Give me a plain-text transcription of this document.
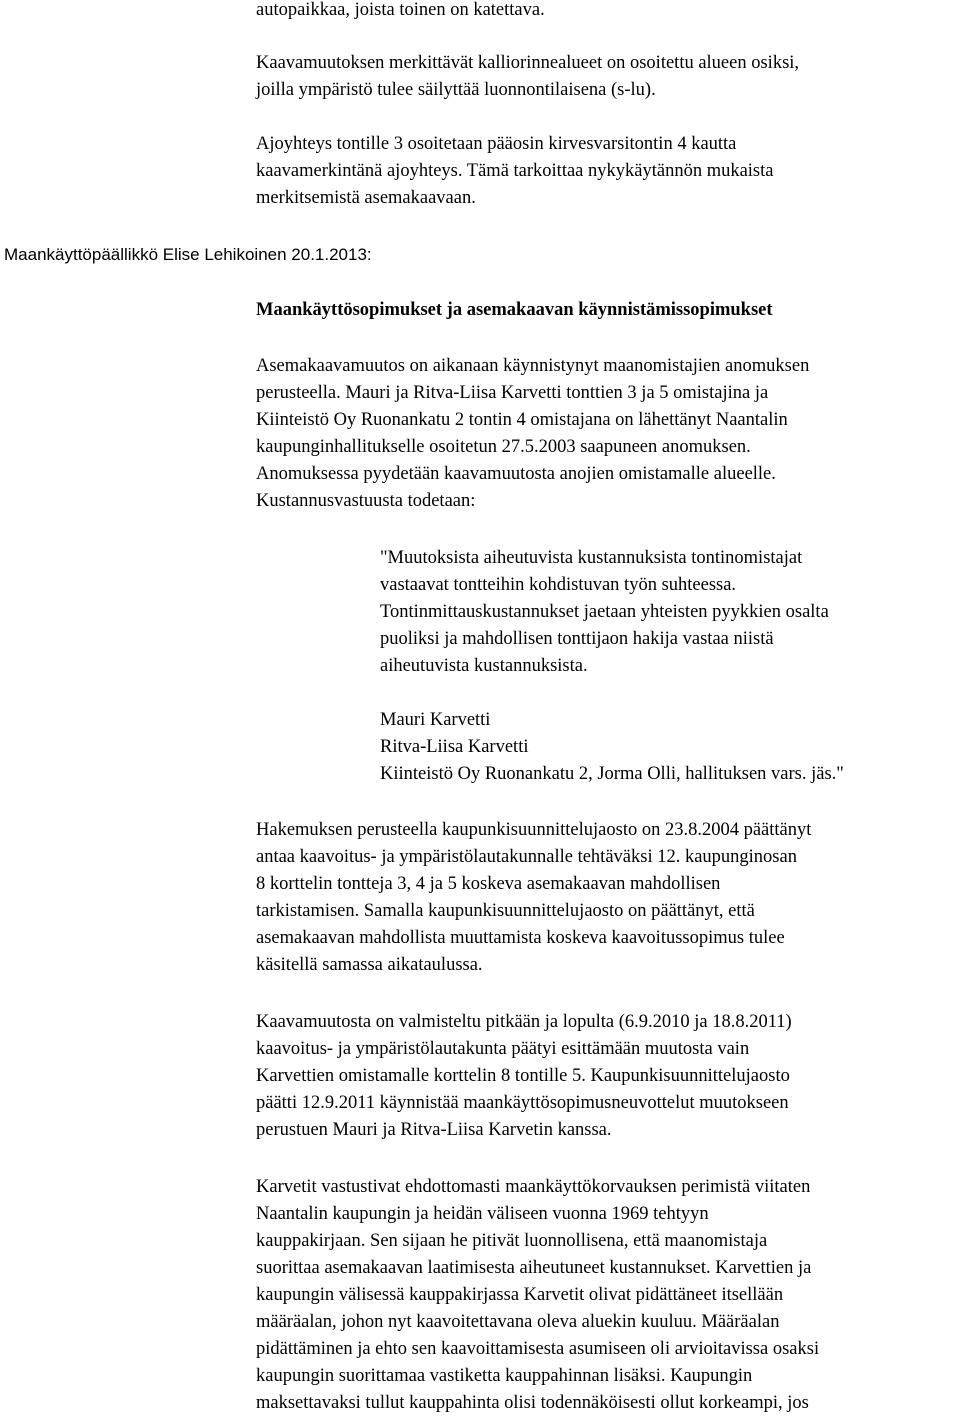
autopaikkaa, joista toinen on katettava.

Kaavamuutoksen merkittävät kalliorinnealueet on osoitettu alueen osiksi,

joilla ympäristö tulee säilyttää luonnontilaisena (s-lu).

Ajoyhteys tontille 3 osoitetaan pääosin kirvesvarsitontin 4 kautta

kaavamerkintänä ajoyhteys. Tämä tarkoittaa nykykäytännön mukaista

merkitsemistä asemakaavaan.

Maankäyttöpäällikkö Elise Lehikoinen 20.1.2013:

Maankäyttösopimukset ja asemakaavan käynnistämissopimukset

Asemakaavamuutos on aikanaan käynnistynyt maanomistajien anomuksen

perusteella. Mauri ja Ritva-Liisa Karvetti tonttien 3 ja 5 omistajina ja

Kiinteistö Oy Ruonankatu 2 tontin 4 omistajana on lähettänyt Naantalin

kaupunginhallitukselle osoitetun 27.5.2003 saapuneen anomuksen.

Anomuksessa pyydetään kaavamuutosta anojien omistamalle alueelle.

Kustannusvastuusta todetaan:

"Muutoksista aiheutuvista kustannuksista tontinomistajat

vastaavat tontteihin kohdistuvan työn suhteessa.

Tontinmittauskustannukset jaetaan yhteisten pyykkien osalta

puoliksi ja mahdollisen tonttijaon hakija vastaa niistä

aiheutuvista kustannuksista.

Mauri Karvetti

Ritva-Liisa Karvetti

Kiinteistö Oy Ruonankatu 2, Jorma Olli, hallituksen vars. jäs."

Hakemuksen perusteella kaupunkisuunnittelujaosto on 23.8.2004 päättänyt

antaa kaavoitus- ja ympäristölautakunnalle tehtäväksi 12. kaupunginosan

8 korttelin tontteja 3, 4 ja 5 koskeva asemakaavan mahdollisen

tarkistamisen. Samalla kaupunkisuunnittelujaosto on päättänyt, että

asemakaavan mahdollista muuttamista koskeva kaavoitussopimus tulee

käsitellä samassa aikataulussa.

Kaavamuutosta on valmisteltu pitkään ja lopulta (6.9.2010 ja 18.8.2011)

kaavoitus- ja ympäristölautakunta päätyi esittämään muutosta vain

Karvettien omistamalle korttelin 8 tontille 5. Kaupunkisuunnittelujaosto

päätti 12.9.2011 käynnistää maankäyttösopimusneuvottelut muutokseen

perustuen Mauri ja Ritva-Liisa Karvetin kanssa.

Karvetit vastustivat ehdottomasti maankäyttökorvauksen perimistä viitaten

Naantalin kaupungin ja heidän väliseen vuonna 1969 tehtyyn

kauppakirjaan. Sen sijaan he pitivät luonnollisena, että maanomistaja

suorittaa asemakaavan laatimisesta aiheutuneet kustannukset. Karvettien ja

kaupungin välisessä kauppakirjassa Karvetit olivat pidättäneet itsellään

määräalan, johon nyt kaavoitettavana oleva aluekin kuuluu. Määräalan

pidättäminen ja ehto sen kaavoittamisesta asumiseen oli arvioitavissa osaksi

kaupungin suorittamaa vastiketta kauppahinnan lisäksi. Kaupungin

maksettavaksi tullut kauppahinta olisi todennäköisesti ollut korkeampi, jos
